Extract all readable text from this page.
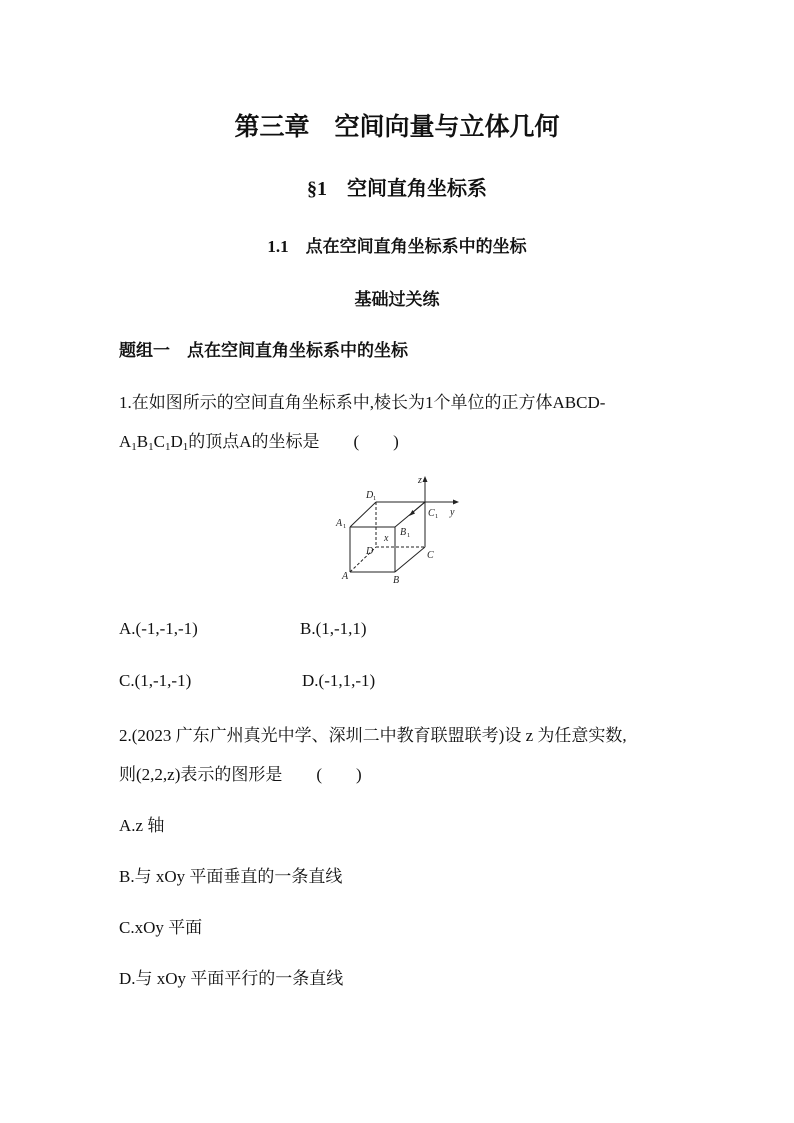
第三章　空间向量与立体几何
§1　空间直角坐标系
1.1　点在空间直角坐标系中的坐标
基础过关练
题组一　点在空间直角坐标系中的坐标
1.在如图所示的空间直角坐标系中,棱长为1个单位的正方体ABCD-
$A_1B_1C_1D_1$的顶点A的坐标是　　(　　)
z
y
x
D 1
A 1
B 1
C 1
D	C
A	B
A.(-1,-1,-1)	B.(1,-1,1)
C.(1,-1,-1)	D.(-1,1,-1)
2.(2023 广东广州真光中学、深圳二中教育联盟联考)设 z 为任意实数,
则(2,2,z)表示的图形是　　(　　)
A.z 轴
B.与 xOy 平面垂直的一条直线
C.xOy 平面
D.与 xOy 平面平行的一条直线
